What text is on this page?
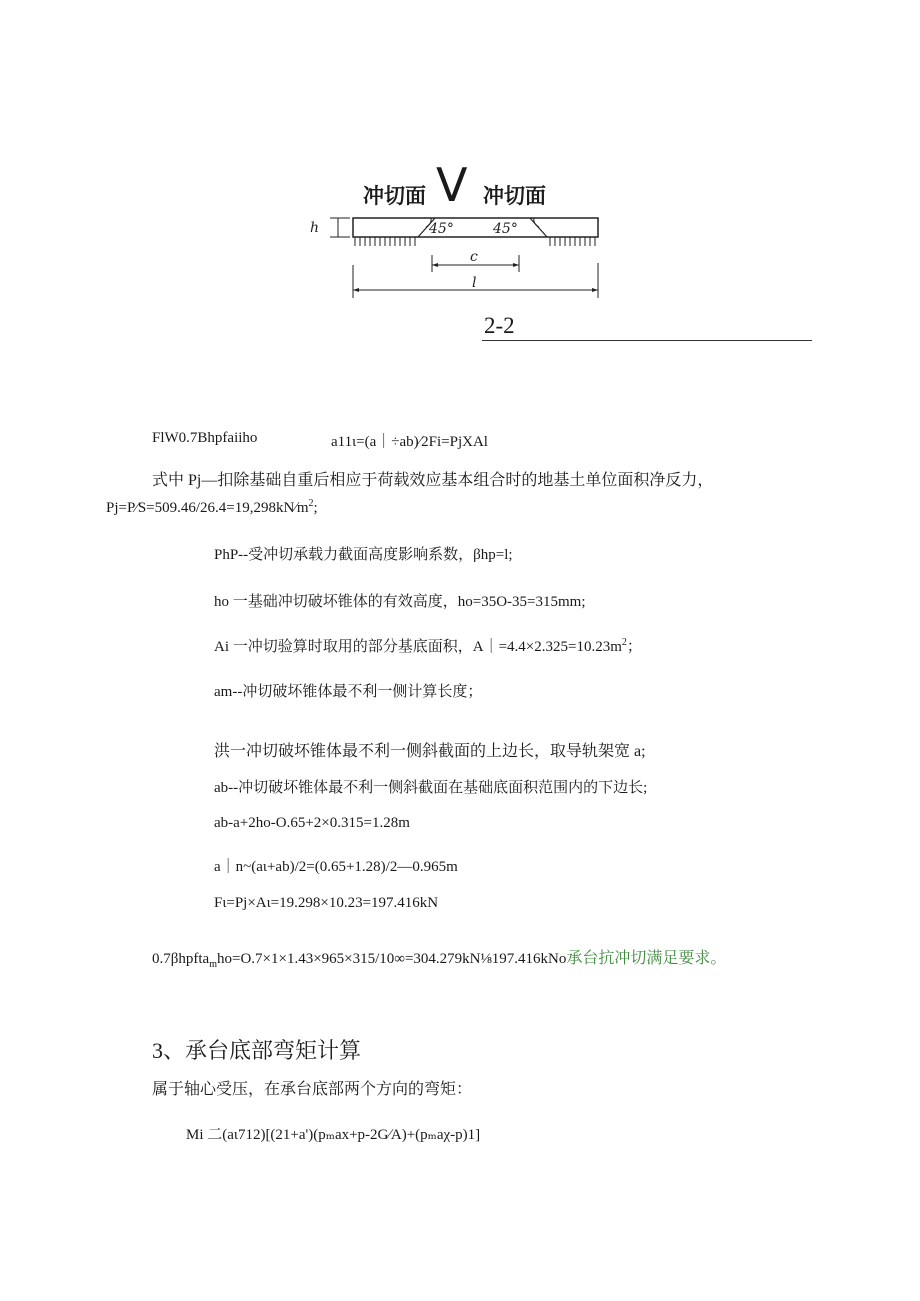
冲切面 V 冲切面
h	45°	45°
c
l
2-2
FlW0.7Bhpfaiiho	a11ι=(a｜÷ab)∕2Fi=PjXAl
式中 Pj—扣除基础自重后相应于荷载效应基本组合时的地基土单位面积净反力，
$Pj=P∕S=509.46/26.4=19,298kN∕m^2$;
PhP--受冲切承载力截面高度影响系数，βhp=l;
ho 一基础冲切破坏锥体的有效高度，ho=35O-35=315mm;
Ai 一冲切验算时取用的部分基底面积，$A|=4.4\times 2.325=10.23m^2$；
am--冲切破坏锥体最不利一侧计算长度；
洪一冲切破坏锥体最不利一侧斜截面的上边长，取导轨架宽 a;
ab--冲切破坏锥体最不利一侧斜截面在基础底面积范围内的下边长;
ab-a+2ho-O.65+2×0.315=1.28m
a｜n~(aι+ab)/2=(0.65+1.28)/2—0.965m
Fι=Pj×Aι=19.298×10.23=197.416kN
0.7βhpfta$_m$ho=O.7×1×1.43×965×315/10∞=304.279kN⅛197.416kNo承台抗冲切满足要求。
3、承台底部弯矩计算
属于轴心受压，在承台底部两个方向的弯矩：
Mi 二(aι712)[(21+a')(pₘax+p-2G∕A)+(pₘaχ-p)1]
